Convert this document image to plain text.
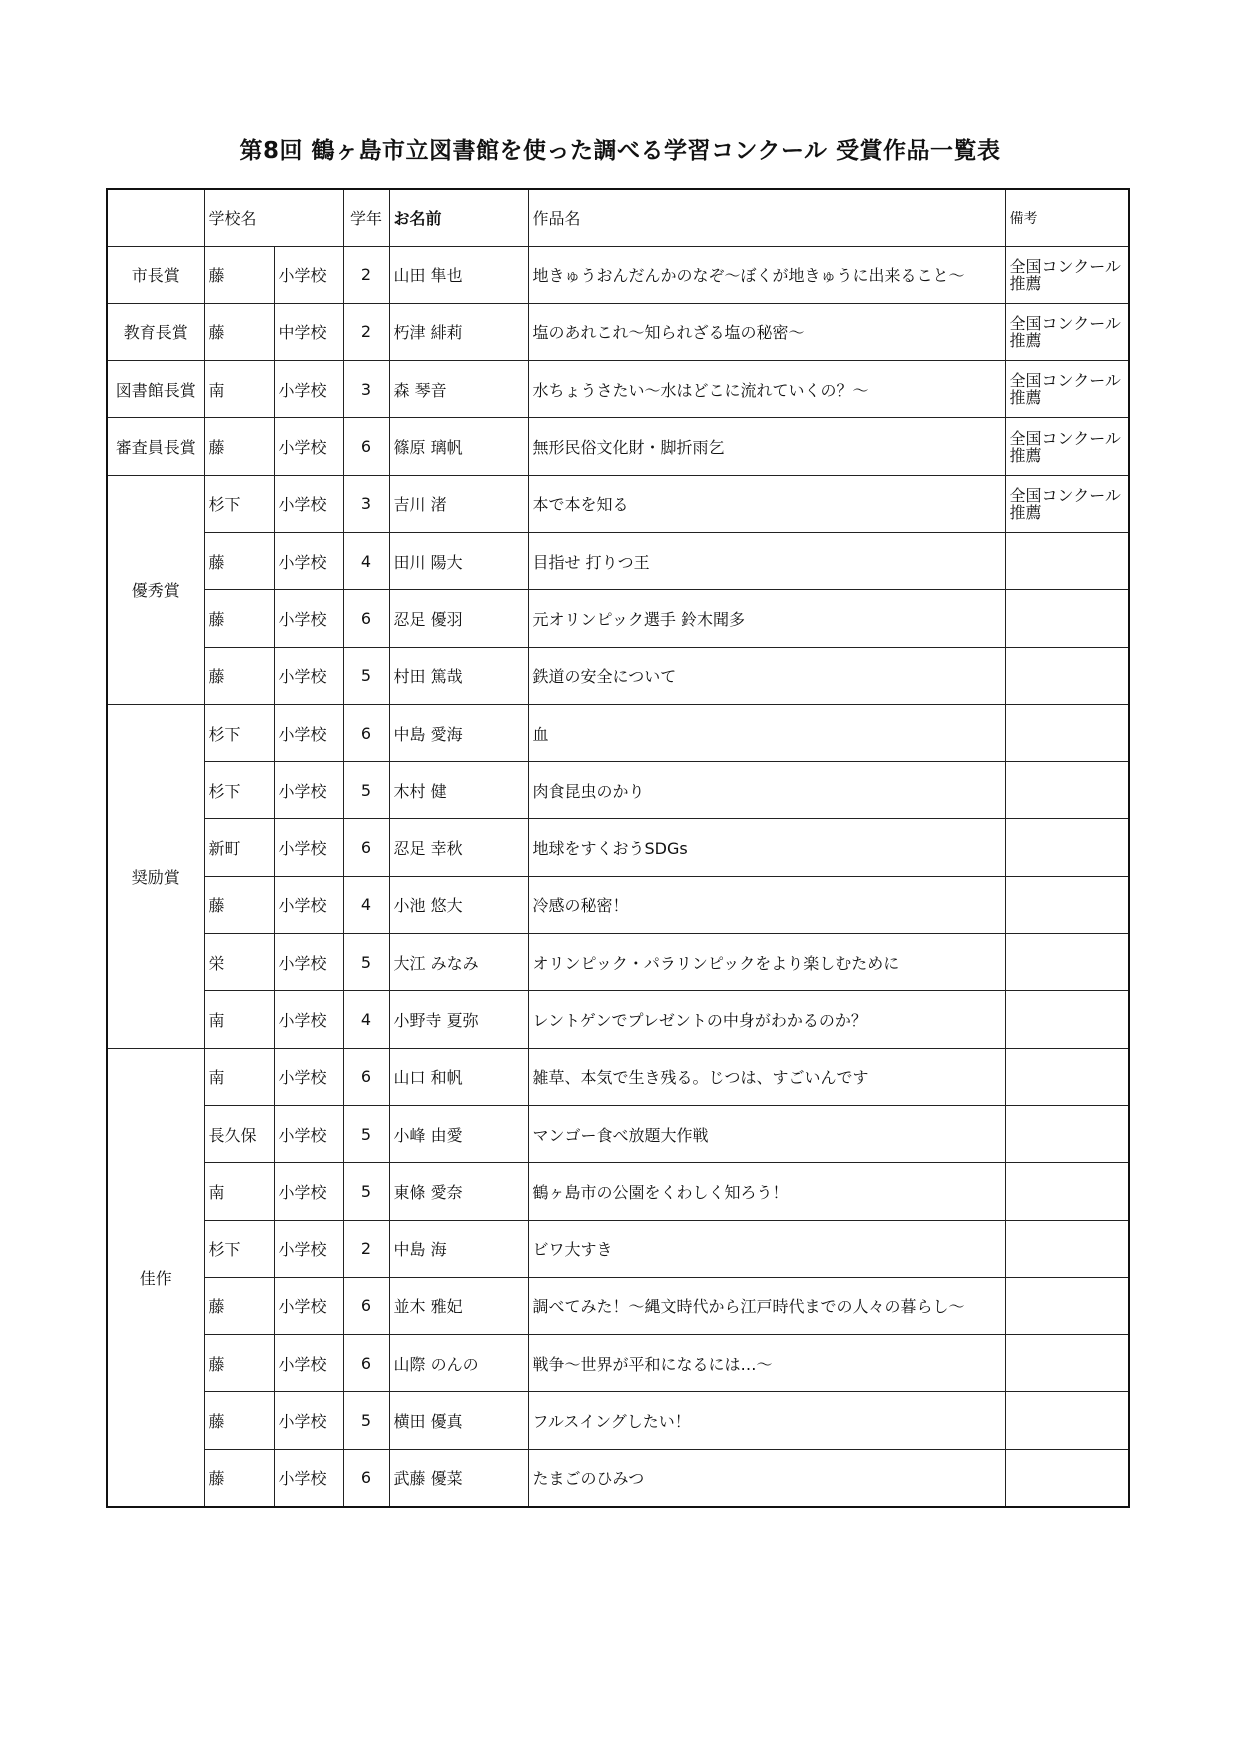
第8回 鶴ヶ島市立図書館を使った調べる学習コンクール 受賞作品一覧表
	学校名		学年	お名前	作品名	備考
市長賞	藤	小学校	2	山田 隼也	地きゅうおんだんかのなぞ～ぼくが地きゅうに出来ること～	全国コンクール
推薦

教育長賞	藤	中学校	2	朽津 緋莉	塩のあれこれ～知られざる塩の秘密～	全国コンクール
推薦

図書館長賞	南	小学校	3	森 琴音	水ちょうさたい～水はどこに流れていくの？～	全国コンクール
推薦

審査員長賞	藤	小学校	6	篠原 璃帆	無形民俗文化財・脚折雨乞	全国コンクール
推薦

優秀賞	杉下	小学校	3	吉川 渚	本で本を知る	全国コンクール
推薦

	藤	小学校	4	田川 陽大	目指せ 打りつ王	
	藤	小学校	6	忍足 優羽	元オリンピック選手 鈴木聞多	
	藤	小学校	5	村田 篤哉	鉄道の安全について	
奨励賞	杉下	小学校	6	中島 愛海	血	
	杉下	小学校	5	木村 健	肉食昆虫のかり	
	新町	小学校	6	忍足 幸秋	地球をすくおうSDGs	
	藤	小学校	4	小池 悠大	冷感の秘密！	
	栄	小学校	5	大江 みなみ	オリンピック・パラリンピックをより楽しむために	
	南	小学校	4	小野寺 夏弥	レントゲンでプレゼントの中身がわかるのか？	
佳作	南	小学校	6	山口 和帆	雑草、本気で生き残る。じつは、すごいんです	
	長久保	小学校	5	小峰 由愛	マンゴー食べ放題大作戦	
	南	小学校	5	東條 愛奈	鶴ヶ島市の公園をくわしく知ろう！	
	杉下	小学校	2	中島 海	ビワ大すき	
	藤	小学校	6	並木 雅妃	調べてみた！～縄文時代から江戸時代までの人々の暮らし～	
	藤	小学校	6	山際 のんの	戦争～世界が平和になるには…～	
	藤	小学校	5	横田 優真	フルスイングしたい！	
	藤	小学校	6	武藤 優菜	たまごのひみつ	
